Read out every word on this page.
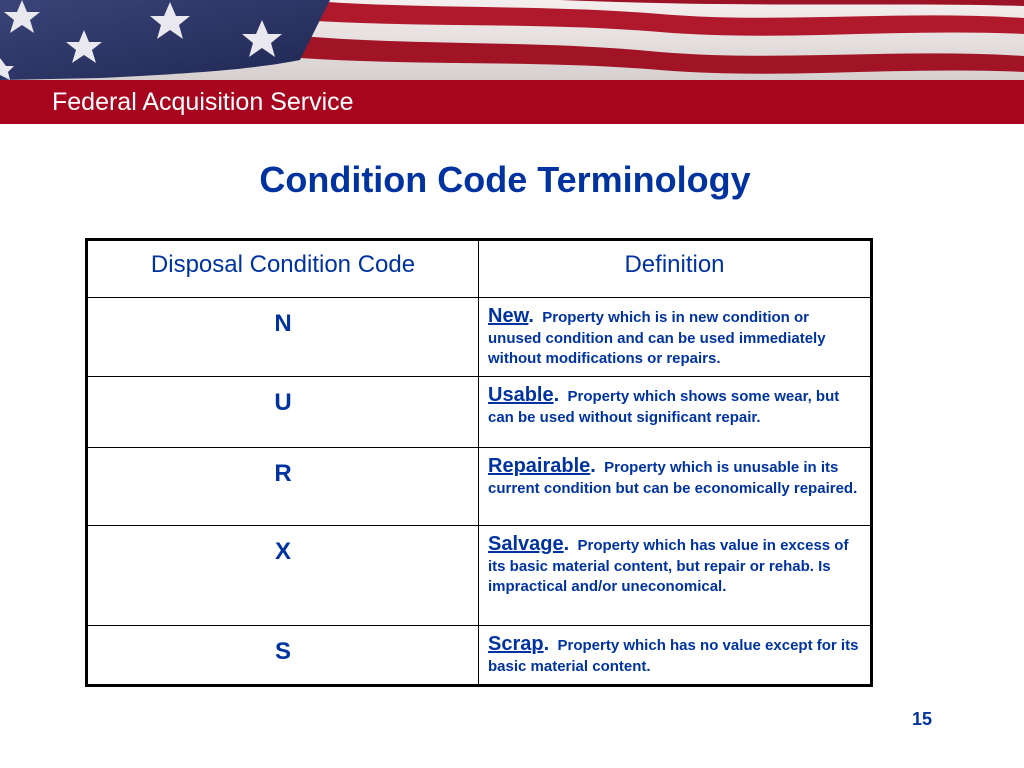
Federal Acquisition Service
Condition Code Terminology
Disposal Condition Code	Definition
N	New. Property which is in new condition or unused condition and can be used immediately without modifications or repairs.
U	Usable. Property which shows some wear, but can be used without significant repair.
R	Repairable. Property which is unusable in its current condition but can be economically repaired.
X	Salvage. Property which has value in excess of its basic material content, but repair or rehab. Is impractical and/or uneconomical.
S	Scrap. Property which has no value except for its basic material content.
15
